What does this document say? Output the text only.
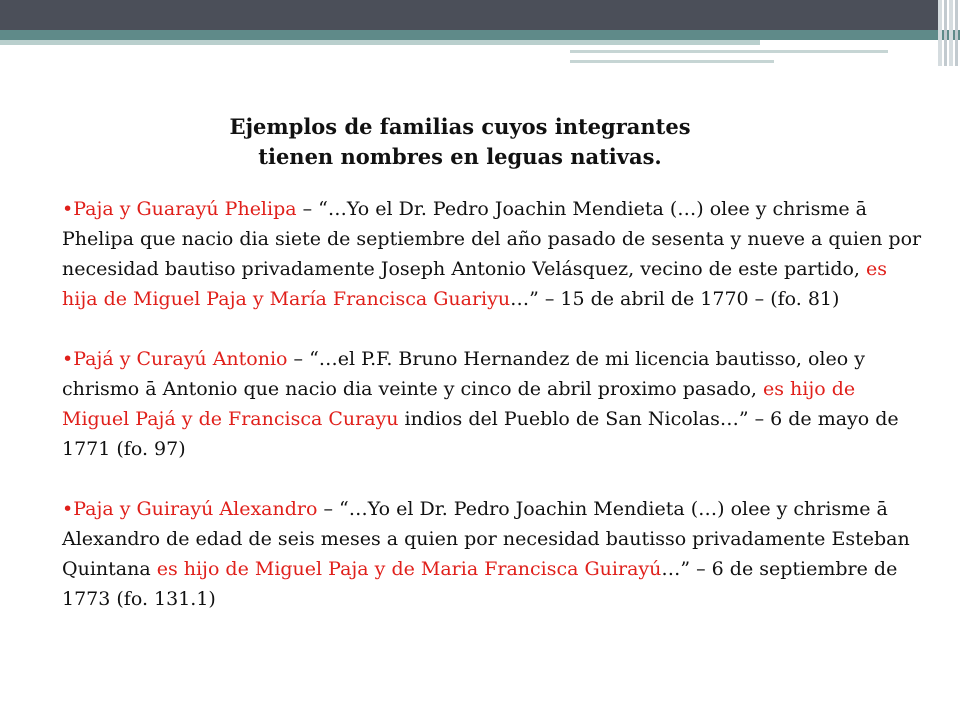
Ejemplos de familias cuyos integrantes
tienen nombres en leguas nativas.

•Paja y Guarayú Phelipa – “…Yo el Dr. Pedro Joachin Mendieta (…) olee y chrisme ā Phelipa que nacio dia siete de septiembre del año pasado de sesenta y nueve a quien por necesidad bautiso privadamente Joseph Antonio Velásquez, vecino de este partido, es hija de Miguel Paja y María Francisca Guariyu…” – 15 de abril de 1770 – (fo. 81)

•Pajá y Curayú Antonio – “…el P.F. Bruno Hernandez de mi licencia bautisso, oleo y chrismo ā Antonio que nacio dia veinte y cinco de abril proximo pasado, es hijo de Miguel Pajá y de Francisca Curayu indios del Pueblo de San Nicolas…” – 6 de mayo de 1771 (fo. 97)

•Paja y Guirayú Alexandro – “…Yo el Dr. Pedro Joachin Mendieta (…) olee y chrisme ā Alexandro de edad de seis meses a quien por necesidad bautisso privadamente Esteban Quintana es hijo de Miguel Paja y de Maria Francisca Guirayú…” – 6 de septiembre de 1773 (fo. 131.1)
